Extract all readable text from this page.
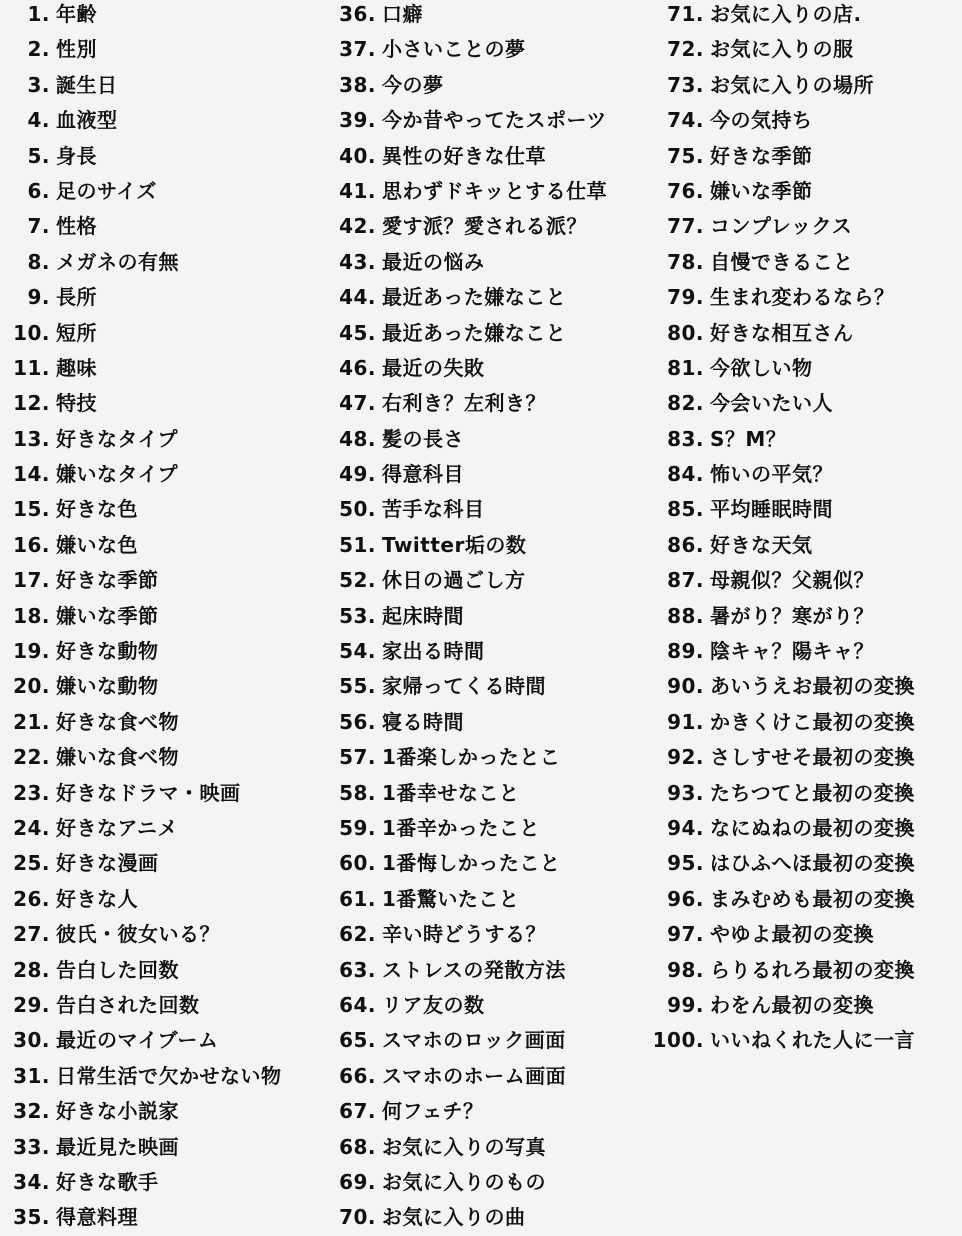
1. 年齢
2. 性別
3. 誕生日
4. 血液型
5. 身長
6. 足のサイズ
7. 性格
8. メガネの有無
9. 長所
10. 短所
11. 趣味
12. 特技
13. 好きなタイプ
14. 嫌いなタイプ
15. 好きな色
16. 嫌いな色
17. 好きな季節
18. 嫌いな季節
19. 好きな動物
20. 嫌いな動物
21. 好きな食べ物
22. 嫌いな食べ物
23. 好きなドラマ・映画
24. 好きなアニメ
25. 好きな漫画
26. 好きな人
27. 彼氏・彼女いる？
28. 告白した回数
29. 告白された回数
30. 最近のマイブーム
31. 日常生活で欠かせない物
32. 好きな小説家
33. 最近見た映画
34. 好きな歌手
35. 得意料理
36. 口癖
37. 小さいことの夢
38. 今の夢
39. 今か昔やってたスポーツ
40. 異性の好きな仕草
41. 思わずドキッとする仕草
42. 愛す派？愛される派？
43. 最近の悩み
44. 最近あった嫌なこと
45. 最近あった嫌なこと
46. 最近の失敗
47. 右利き？左利き？
48. 髪の長さ
49. 得意科目
50. 苦手な科目
51. Twitter垢の数
52. 休日の過ごし方
53. 起床時間
54. 家出る時間
55. 家帰ってくる時間
56. 寝る時間
57. 1番楽しかったとこ
58. 1番幸せなこと
59. 1番辛かったこと
60. 1番悔しかったこと
61. 1番驚いたこと
62. 辛い時どうする？
63. ストレスの発散方法
64. リア友の数
65. スマホのロック画面
66. スマホのホーム画面
67. 何フェチ？
68. お気に入りの写真
69. お気に入りのもの
70. お気に入りの曲
71. お気に入りの店.
72. お気に入りの服
73. お気に入りの場所
74. 今の気持ち
75. 好きな季節
76. 嫌いな季節
77. コンプレックス
78. 自慢できること
79. 生まれ変わるなら？
80. 好きな相互さん
81. 今欲しい物
82. 今会いたい人
83. S？M？
84. 怖いの平気？
85. 平均睡眠時間
86. 好きな天気
87. 母親似？父親似？
88. 暑がり？寒がり？
89. 陰キャ？陽キャ？
90. あいうえお最初の変換
91. かきくけこ最初の変換
92. さしすせそ最初の変換
93. たちつてと最初の変換
94. なにぬねの最初の変換
95. はひふへほ最初の変換
96. まみむめも最初の変換
97. やゆよ最初の変換
98. らりるれろ最初の変換
99. わをん最初の変換
100. いいねくれた人に一言
